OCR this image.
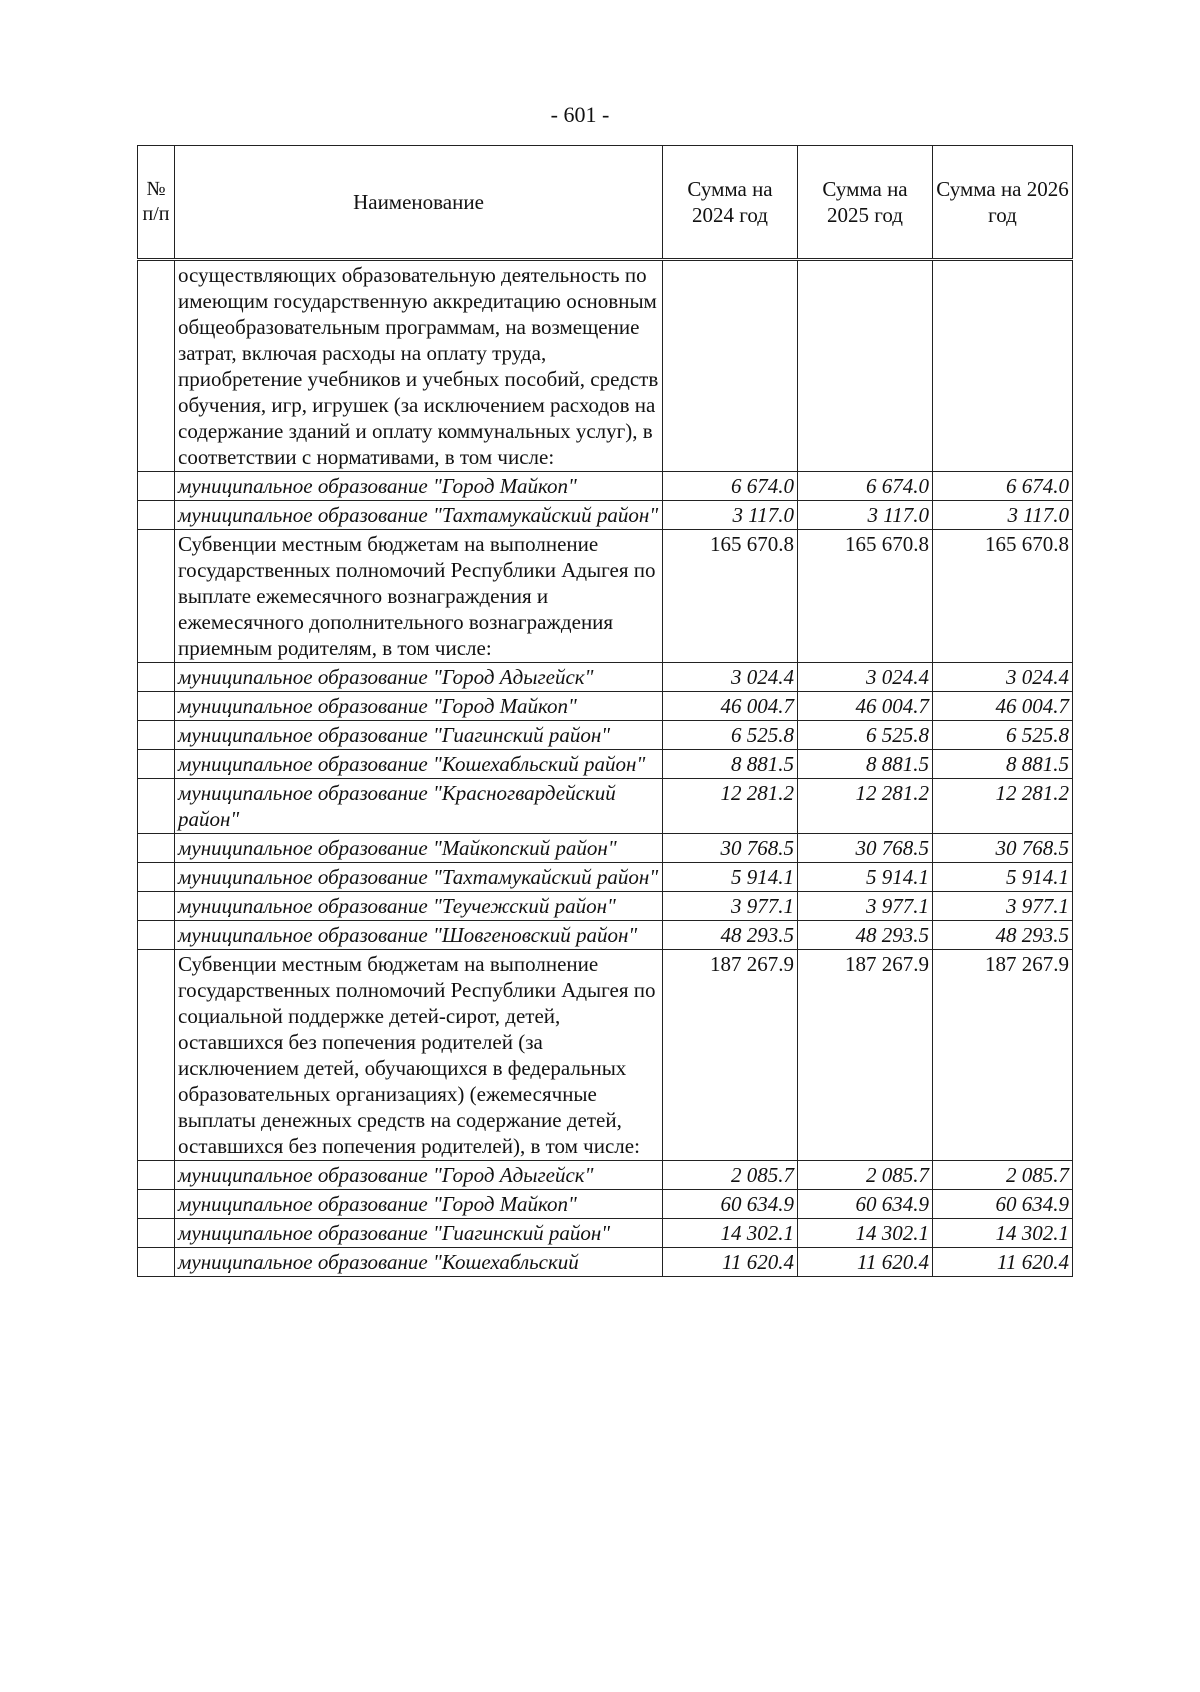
- 601 -
№ п/п	Наименование	Сумма на 2024 год	Сумма на 2025 год	Сумма на 2026 год
	осуществляющих образовательную деятельность по имеющим государственную аккредитацию основным общеобразовательным программам, на возмещение затрат, включая расходы на оплату труда, приобретение учебников и учебных пособий, средств обучения, игр, игрушек (за исключением расходов на содержание зданий и оплату коммунальных услуг), в соответствии с нормативами, в том числе:			
	муниципальное образование "Город Майкоп"	6 674.0	6 674.0	6 674.0
	муниципальное образование "Тахтамукайский район"	3 117.0	3 117.0	3 117.0
	Субвенции местным бюджетам на выполнение государственных полномочий Республики Адыгея по выплате ежемесячного вознаграждения и ежемесячного дополнительного вознаграждения приемным родителям, в том числе:	165 670.8	165 670.8	165 670.8
	муниципальное образование "Город Адыгейск"	3 024.4	3 024.4	3 024.4
	муниципальное образование "Город Майкоп"	46 004.7	46 004.7	46 004.7
	муниципальное образование "Гиагинский район"	6 525.8	6 525.8	6 525.8
	муниципальное образование "Кошехабльский район"	8 881.5	8 881.5	8 881.5
	муниципальное образование "Красногвардейский район"	12 281.2	12 281.2	12 281.2
	муниципальное образование "Майкопский район"	30 768.5	30 768.5	30 768.5
	муниципальное образование "Тахтамукайский район"	5 914.1	5 914.1	5 914.1
	муниципальное образование "Теучежский район"	3 977.1	3 977.1	3 977.1
	муниципальное образование "Шовгеновский район"	48 293.5	48 293.5	48 293.5
	Субвенции местным бюджетам на выполнение государственных полномочий Республики Адыгея по социальной поддержке детей-сирот, детей, оставшихся без попечения родителей (за исключением детей, обучающихся в федеральных образовательных организациях) (ежемесячные выплаты денежных средств на содержание детей, оставшихся без попечения родителей), в том числе:	187 267.9	187 267.9	187 267.9
	муниципальное образование "Город Адыгейск"	2 085.7	2 085.7	2 085.7
	муниципальное образование "Город Майкоп"	60 634.9	60 634.9	60 634.9
	муниципальное образование "Гиагинский район"	14 302.1	14 302.1	14 302.1
	муниципальное образование "Кошехабльский	11 620.4	11 620.4	11 620.4
